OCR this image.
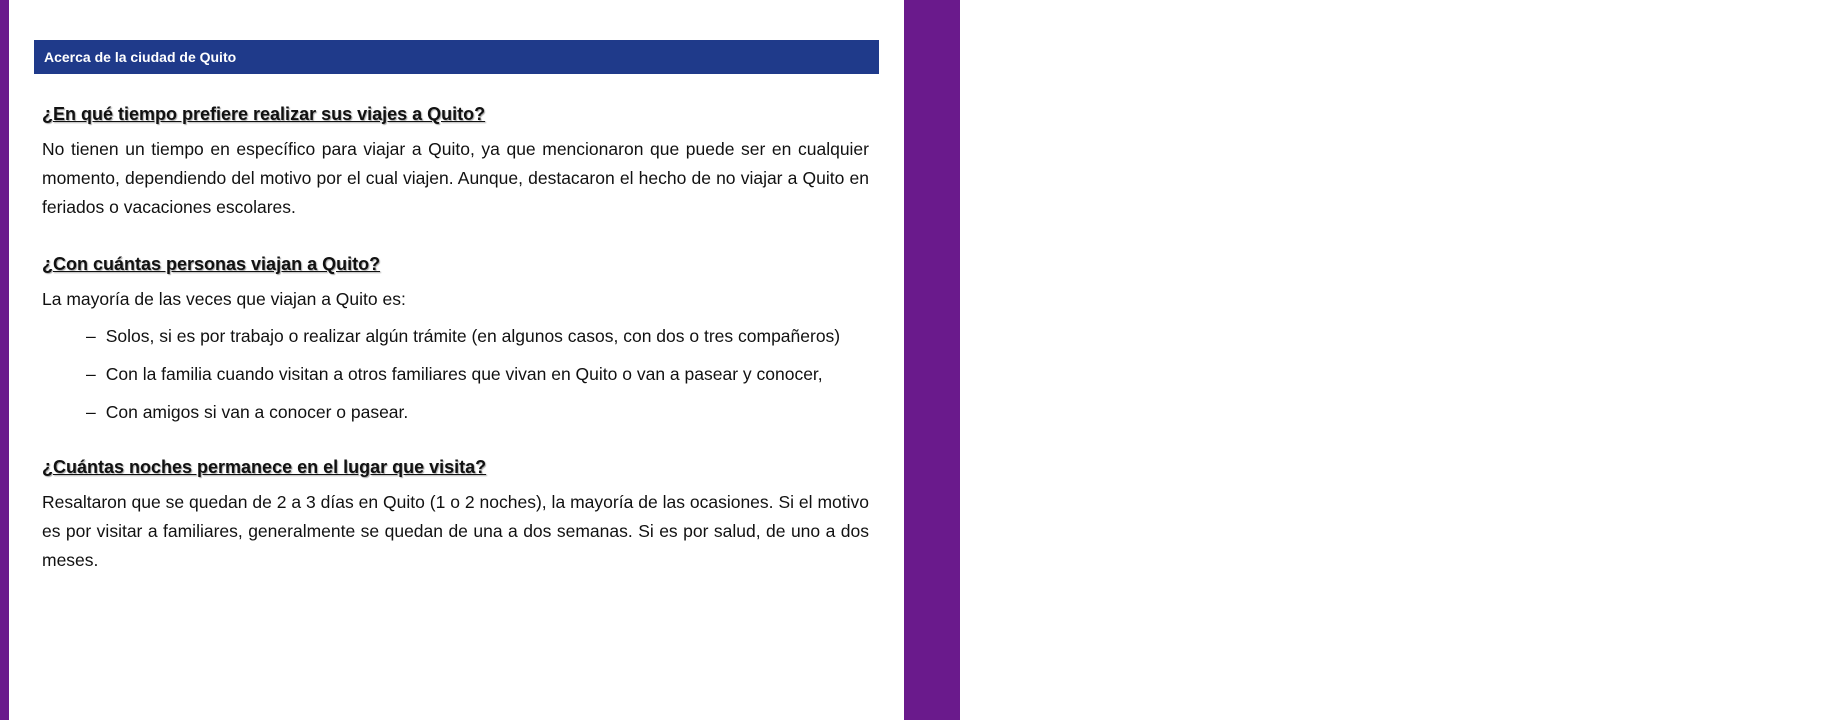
Guayaquil, Cuenca, Ambato, Santo Domingo, Manta y Portoviejo
Acerca de la ciudad de Quito

¿En qué tiempo prefiere realizar sus viajes a Quito?

No tienen un tiempo en específico para viajar a Quito, ya que mencionaron que puede ser en cualquier momento, dependiendo del motivo por el cual viajen. Aunque, destacaron el hecho de no viajar a Quito en feriados o vacaciones escolares.

¿Con cuántas personas viajan a Quito?

La mayoría de las veces que viajan a Quito es:

– Solos, si es por trabajo o realizar algún trámite (en algunos casos, con dos o tres compañeros)
– Con la familia cuando visitan a otros familiares que vivan en Quito o van a pasear y conocer,
– Con amigos si van a conocer o pasear.

¿Cuántas noches permanece en el lugar que visita?

Resaltaron que se quedan de 2 a 3 días en Quito (1 o 2 noches), la mayoría de las ocasiones. Si el motivo es por visitar a familiares, generalmente se quedan de una a dos semanas. Si es por salud, de uno a dos meses.
